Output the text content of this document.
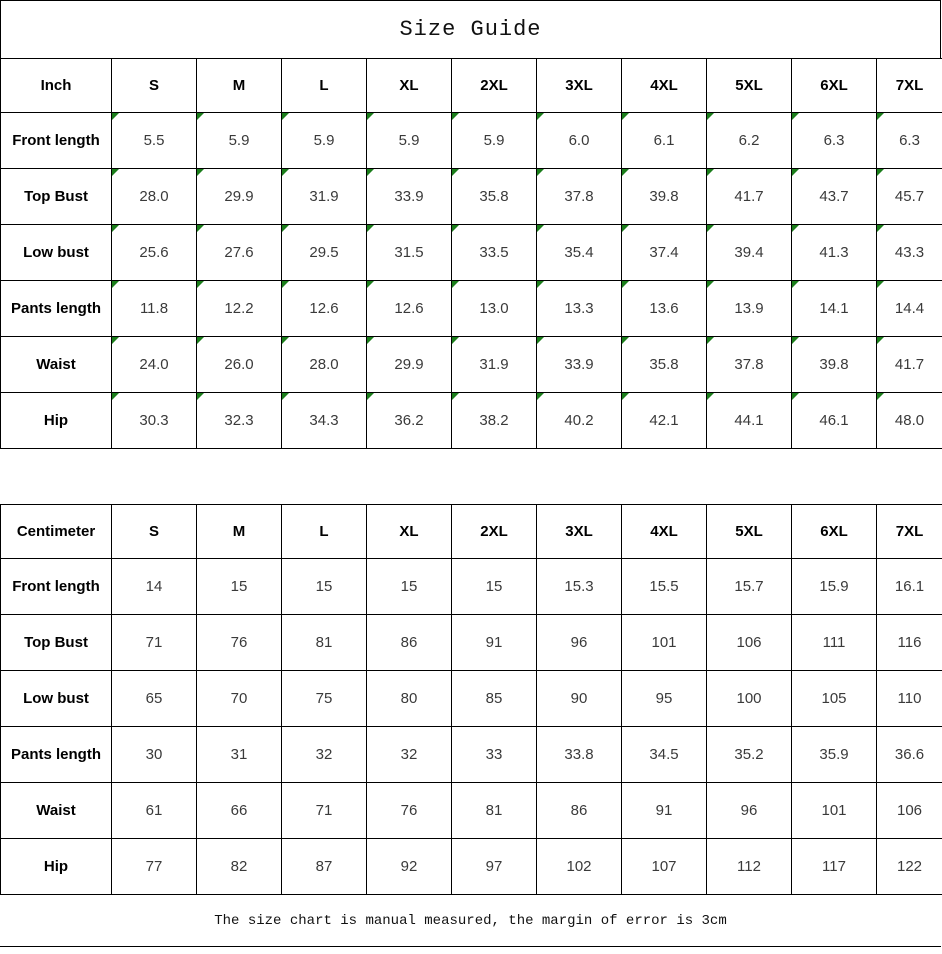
Size Guide
Inch	S	M	L	XL	2XL	3XL	4XL	5XL	6XL	7XL
Front length	5.5	5.9	5.9	5.9	5.9	6.0	6.1	6.2	6.3	6.3
Top Bust	28.0	29.9	31.9	33.9	35.8	37.8	39.8	41.7	43.7	45.7
Low bust	25.6	27.6	29.5	31.5	33.5	35.4	37.4	39.4	41.3	43.3
Pants length	11.8	12.2	12.6	12.6	13.0	13.3	13.6	13.9	14.1	14.4
Waist	24.0	26.0	28.0	29.9	31.9	33.9	35.8	37.8	39.8	41.7
Hip	30.3	32.3	34.3	36.2	38.2	40.2	42.1	44.1	46.1	48.0
Centimeter	S	M	L	XL	2XL	3XL	4XL	5XL	6XL	7XL
Front length	14	15	15	15	15	15.3	15.5	15.7	15.9	16.1
Top Bust	71	76	81	86	91	96	101	106	111	116
Low bust	65	70	75	80	85	90	95	100	105	110
Pants length	30	31	32	32	33	33.8	34.5	35.2	35.9	36.6
Waist	61	66	71	76	81	86	91	96	101	106
Hip	77	82	87	92	97	102	107	112	117	122
The size chart is manual measured, the margin of error is 3cm
